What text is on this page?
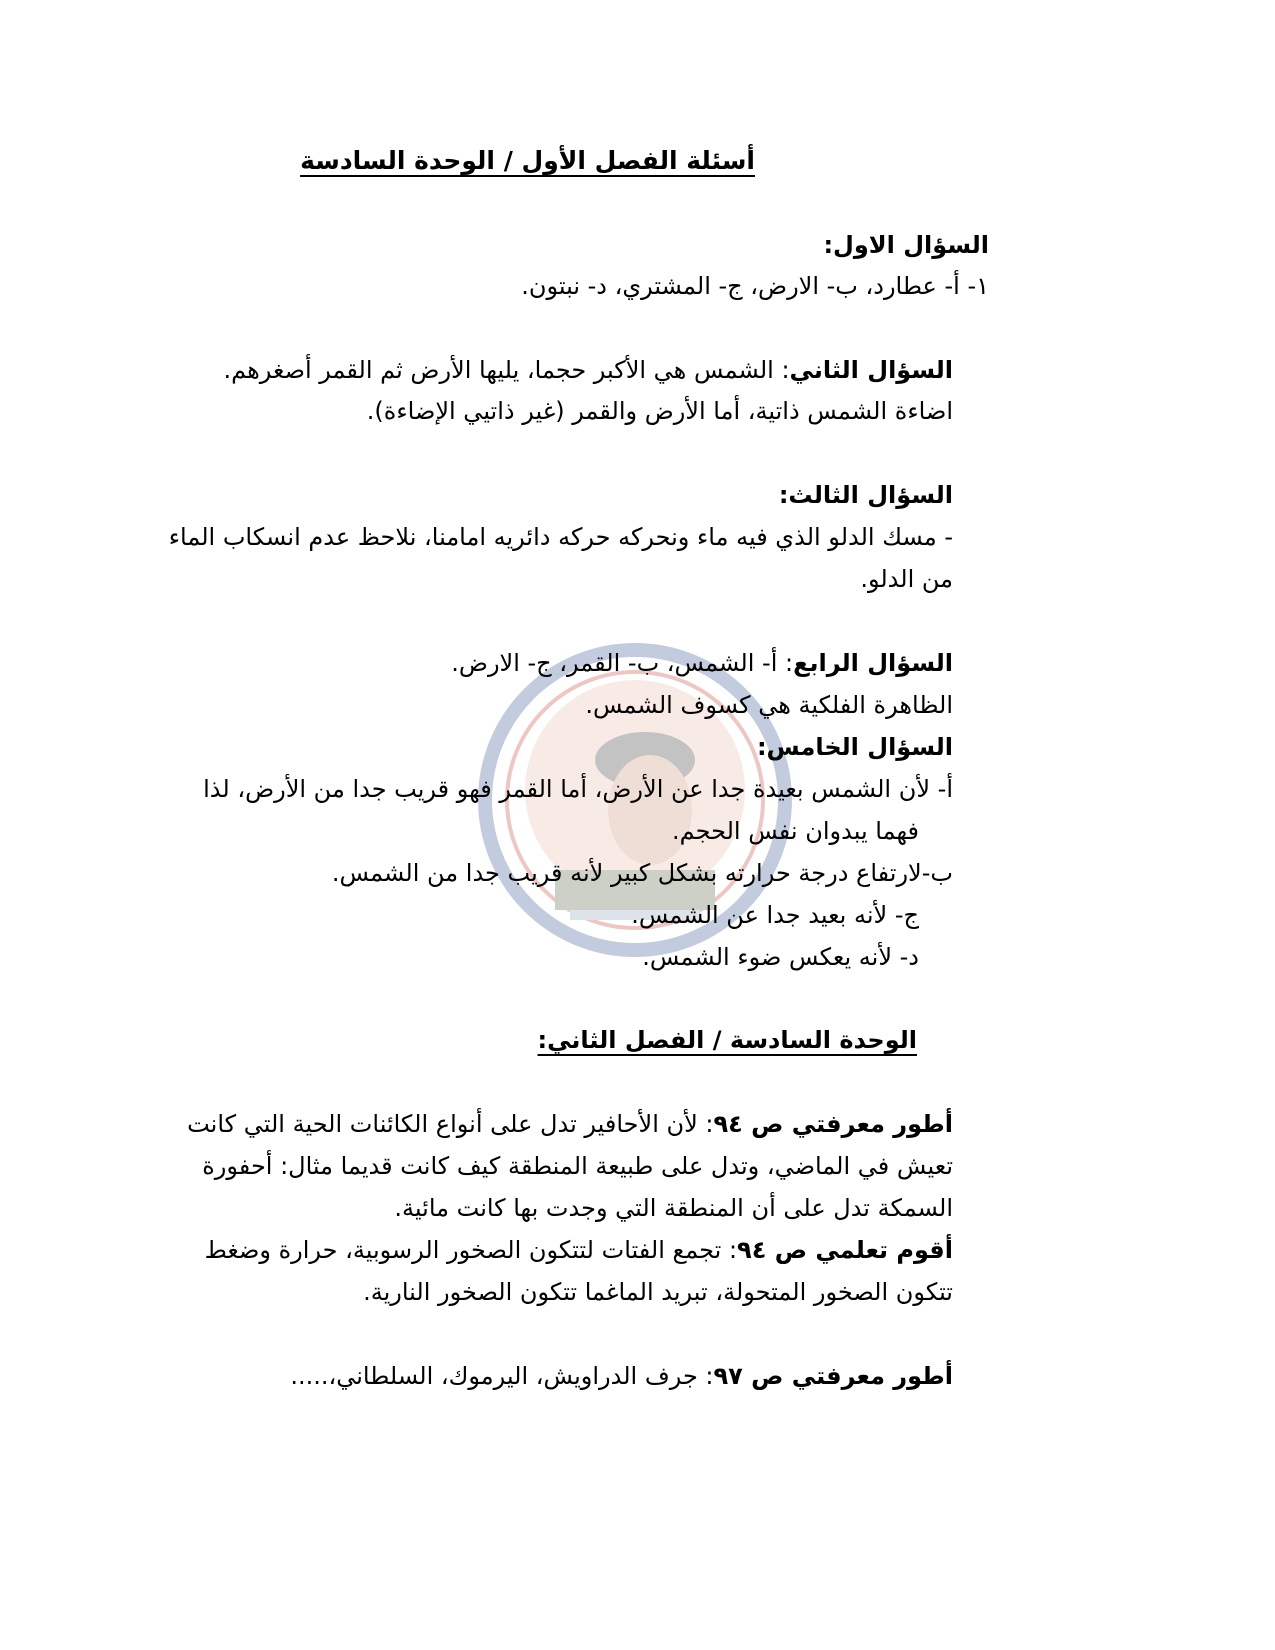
أسئلة الفصل الأول / الوحدة السادسة
السؤال الاول:
١- أ- عطارد، ب- الارض، ج- المشتري، د- نبتون.
السؤال الثاني: الشمس هي الأكبر حجما، يليها الأرض ثم القمر أصغرهم.
اضاءة الشمس ذاتية، أما الأرض والقمر (غير ذاتيي الإضاءة).
السؤال الثالث:
- مسك الدلو الذي فيه ماء ونحركه حركه دائريه امامنا، نلاحظ عدم انسكاب الماء
من الدلو.
السؤال الرابع: أ- الشمس، ب- القمر، ج- الارض.
الظاهرة الفلكية هي كسوف الشمس.
السؤال الخامس:
أ- لأن الشمس بعيدة جدا عن الأرض، أما القمر فهو قريب جدا من الأرض، لذا
فهما يبدوان نفس الحجم.
ب-لارتفاع درجة حرارته بشكل كبير لأنه قريب جدا من الشمس.
ج- لأنه بعيد جدا عن الشمس.
د- لأنه يعكس ضوء الشمس.
الوحدة السادسة / الفصل الثاني:
أطور معرفتي ص ٩٤: لأن الأحافير تدل على أنواع الكائنات الحية التي كانت
تعيش في الماضي، وتدل على طبيعة المنطقة كيف كانت قديما مثال: أحفورة
السمكة تدل على أن المنطقة التي وجدت بها كانت مائية.
أقوم تعلمي ص ٩٤: تجمع الفتات لتتكون الصخور الرسوبية، حرارة وضغط
تتكون الصخور المتحولة، تبريد الماغما تتكون الصخور النارية.
أطور معرفتي ص ٩٧: جرف الدراويش، اليرموك، السلطاني،.....
